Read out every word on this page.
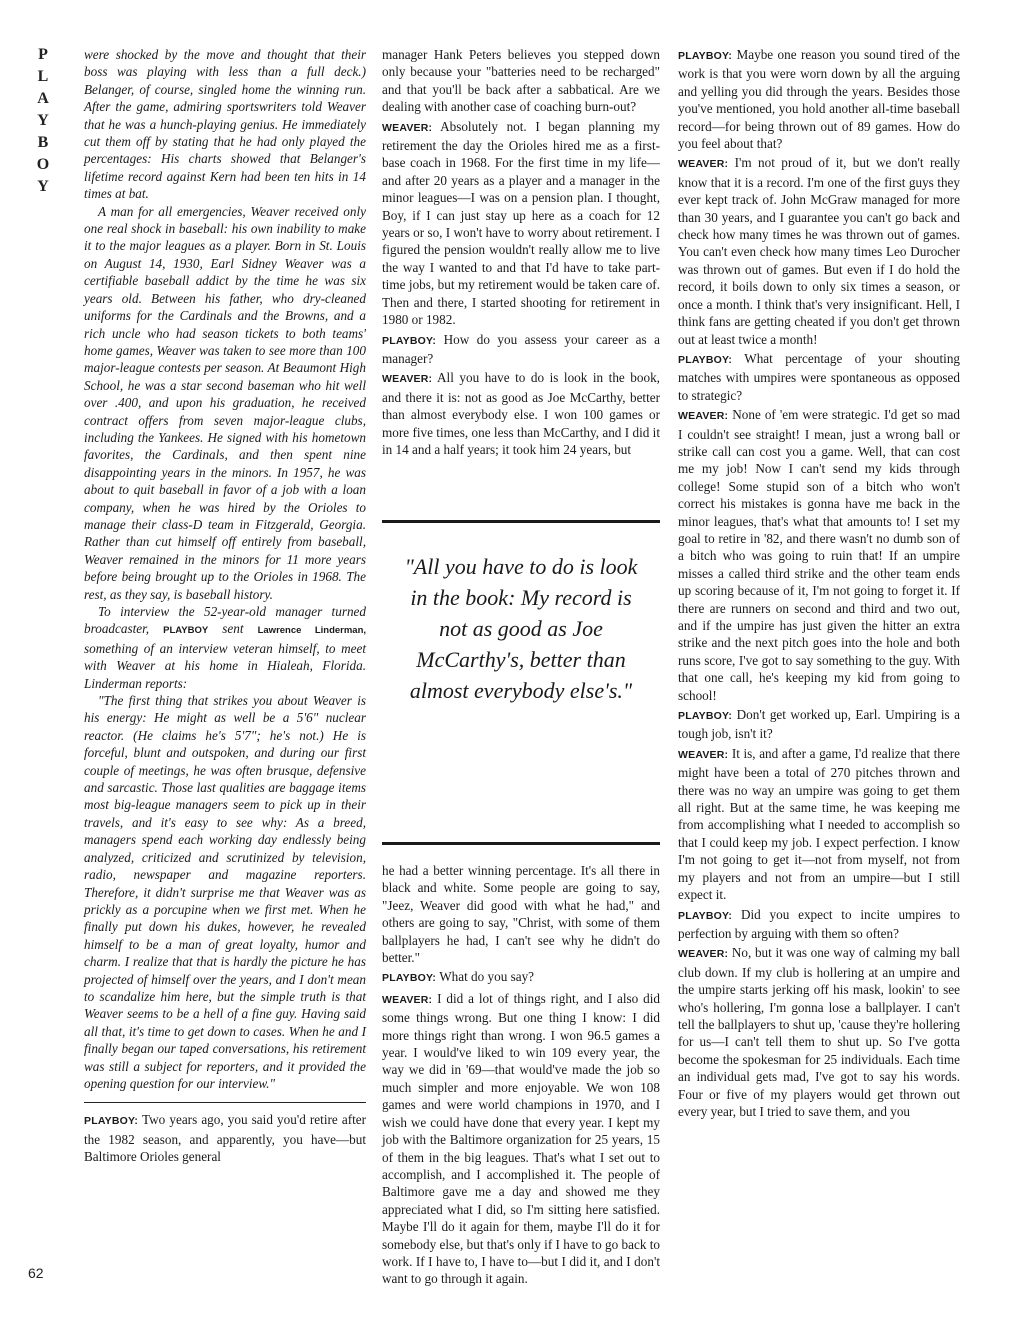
P
L
A
Y
B
O
Y

were shocked by the move and thought that their boss was playing with less than a full deck.) Belanger, of course, singled home the winning run. After the game, admiring sportswriters told Weaver that he was a hunch-playing genius. He immediately cut them off by stating that he had only played the percentages: His charts showed that Belanger's lifetime record against Kern had been ten hits in 14 times at bat.

A man for all emergencies, Weaver received only one real shock in baseball: his own inability to make it to the major leagues as a player. Born in St. Louis on August 14, 1930, Earl Sidney Weaver was a certifiable baseball addict by the time he was six years old. Between his father, who dry-cleaned uniforms for the Cardinals and the Browns, and a rich uncle who had season tickets to both teams' home games, Weaver was taken to see more than 100 major-league contests per season. At Beaumont High School, he was a star second baseman who hit well over .400, and upon his graduation, he received contract offers from seven major-league clubs, including the Yankees. He signed with his hometown favorites, the Cardinals, and then spent nine disappointing years in the minors. In 1957, he was about to quit baseball in favor of a job with a loan company, when he was hired by the Orioles to manage their class-D team in Fitzgerald, Georgia. Rather than cut himself off entirely from baseball, Weaver remained in the minors for 11 more years before being brought up to the Orioles in 1968. The rest, as they say, is baseball history.

To interview the 52-year-old manager turned broadcaster, PLAYBOY sent Lawrence Linderman, something of an interview veteran himself, to meet with Weaver at his home in Hialeah, Florida. Linderman reports:

"The first thing that strikes you about Weaver is his energy: He might as well be a 5'6" nuclear reactor. (He claims he's 5'7"; he's not.) He is forceful, blunt and outspoken, and during our first couple of meetings, he was often brusque, defensive and sarcastic. Those last qualities are baggage items most big-league managers seem to pick up in their travels, and it's easy to see why: As a breed, managers spend each working day endlessly being analyzed, criticized and scrutinized by television, radio, newspaper and magazine reporters. Therefore, it didn't surprise me that Weaver was as prickly as a porcupine when we first met. When he finally put down his dukes, however, he revealed himself to be a man of great loyalty, humor and charm. I realize that that is hardly the picture he has projected of himself over the years, and I don't mean to scandalize him here, but the simple truth is that Weaver seems to be a hell of a fine guy. Having said all that, it's time to get down to cases. When he and I finally began our taped conversations, his retirement was still a subject for reporters, and it provided the opening question for our interview."

PLAYBOY: Two years ago, you said you'd retire after the 1982 season, and apparently, you have—but Baltimore Orioles general

manager Hank Peters believes you stepped down only because your "batteries need to be recharged" and that you'll be back after a sabbatical. Are we dealing with another case of coaching burn-out?

WEAVER: Absolutely not. I began planning my retirement the day the Orioles hired me as a first-base coach in 1968. For the first time in my life—and after 20 years as a player and a manager in the minor leagues—I was on a pension plan. I thought, Boy, if I can just stay up here as a coach for 12 years or so, I won't have to worry about retirement. I figured the pension wouldn't really allow me to live the way I wanted to and that I'd have to take part-time jobs, but my retirement would be taken care of. Then and there, I started shooting for retirement in 1980 or 1982.

PLAYBOY: How do you assess your career as a manager?

WEAVER: All you have to do is look in the book, and there it is: not as good as Joe McCarthy, better than almost everybody else. I won 100 games or more five times, one less than McCarthy, and I did it in 14 and a half years; it took him 24 years, but

"All you have to do is look in the book: My record is not as good as Joe McCarthy's, better than almost everybody else's."

he had a better winning percentage. It's all there in black and white. Some people are going to say, "Jeez, Weaver did good with what he had," and others are going to say, "Christ, with some of them ballplayers he had, I can't see why he didn't do better."

PLAYBOY: What do you say?

WEAVER: I did a lot of things right, and I also did some things wrong. But one thing I know: I did more things right than wrong. I won 96.5 games a year. I would've liked to win 109 every year, the way we did in '69—that would've made the job so much simpler and more enjoyable. We won 108 games and were world champions in 1970, and I wish we could have done that every year. I kept my job with the Baltimore organization for 25 years, 15 of them in the big leagues. That's what I set out to accomplish, and I accomplished it. The people of Baltimore gave me a day and showed me they appreciated what I did, so I'm sitting here satisfied. Maybe I'll do it again for them, maybe I'll do it for somebody else, but that's only if I have to go back to work. If I have to, I have to—but I did it, and I don't want to go through it again.

PLAYBOY: Maybe one reason you sound tired of the work is that you were worn down by all the arguing and yelling you did through the years. Besides those you've mentioned, you hold another all-time baseball record—for being thrown out of 89 games. How do you feel about that?

WEAVER: I'm not proud of it, but we don't really know that it is a record. I'm one of the first guys they ever kept track of. John McGraw managed for more than 30 years, and I guarantee you can't go back and check how many times he was thrown out of games. You can't even check how many times Leo Durocher was thrown out of games. But even if I do hold the record, it boils down to only six times a season, or once a month. I think that's very insignificant. Hell, I think fans are getting cheated if you don't get thrown out at least twice a month!

PLAYBOY: What percentage of your shouting matches with umpires were spontaneous as opposed to strategic?

WEAVER: None of 'em were strategic. I'd get so mad I couldn't see straight! I mean, just a wrong ball or strike call can cost you a game. Well, that can cost me my job! Now I can't send my kids through college! Some stupid son of a bitch who won't correct his mistakes is gonna have me back in the minor leagues, that's what that amounts to! I set my goal to retire in '82, and there wasn't no dumb son of a bitch who was going to ruin that! If an umpire misses a called third strike and the other team ends up scoring because of it, I'm not going to forget it. If there are runners on second and third and two out, and if the umpire has just given the hitter an extra strike and the next pitch goes into the hole and both runs score, I've got to say something to the guy. With that one call, he's keeping my kid from going to school!

PLAYBOY: Don't get worked up, Earl. Umpiring is a tough job, isn't it?

WEAVER: It is, and after a game, I'd realize that there might have been a total of 270 pitches thrown and there was no way an umpire was going to get them all right. But at the same time, he was keeping me from accomplishing what I needed to accomplish so that I could keep my job. I expect perfection. I know I'm not going to get it—not from myself, not from my players and not from an umpire—but I still expect it.

PLAYBOY: Did you expect to incite umpires to perfection by arguing with them so often?

WEAVER: No, but it was one way of calming my ball club down. If my club is hollering at an umpire and the umpire starts jerking off his mask, lookin' to see who's hollering, I'm gonna lose a ballplayer. I can't tell the ballplayers to shut up, 'cause they're hollering for us—I can't tell them to shut up. So I've gotta become the spokesman for 25 individuals. Each time an individual gets mad, I've got to say his words. Four or five of my players would get thrown out every year, but I tried to save them, and you

62
